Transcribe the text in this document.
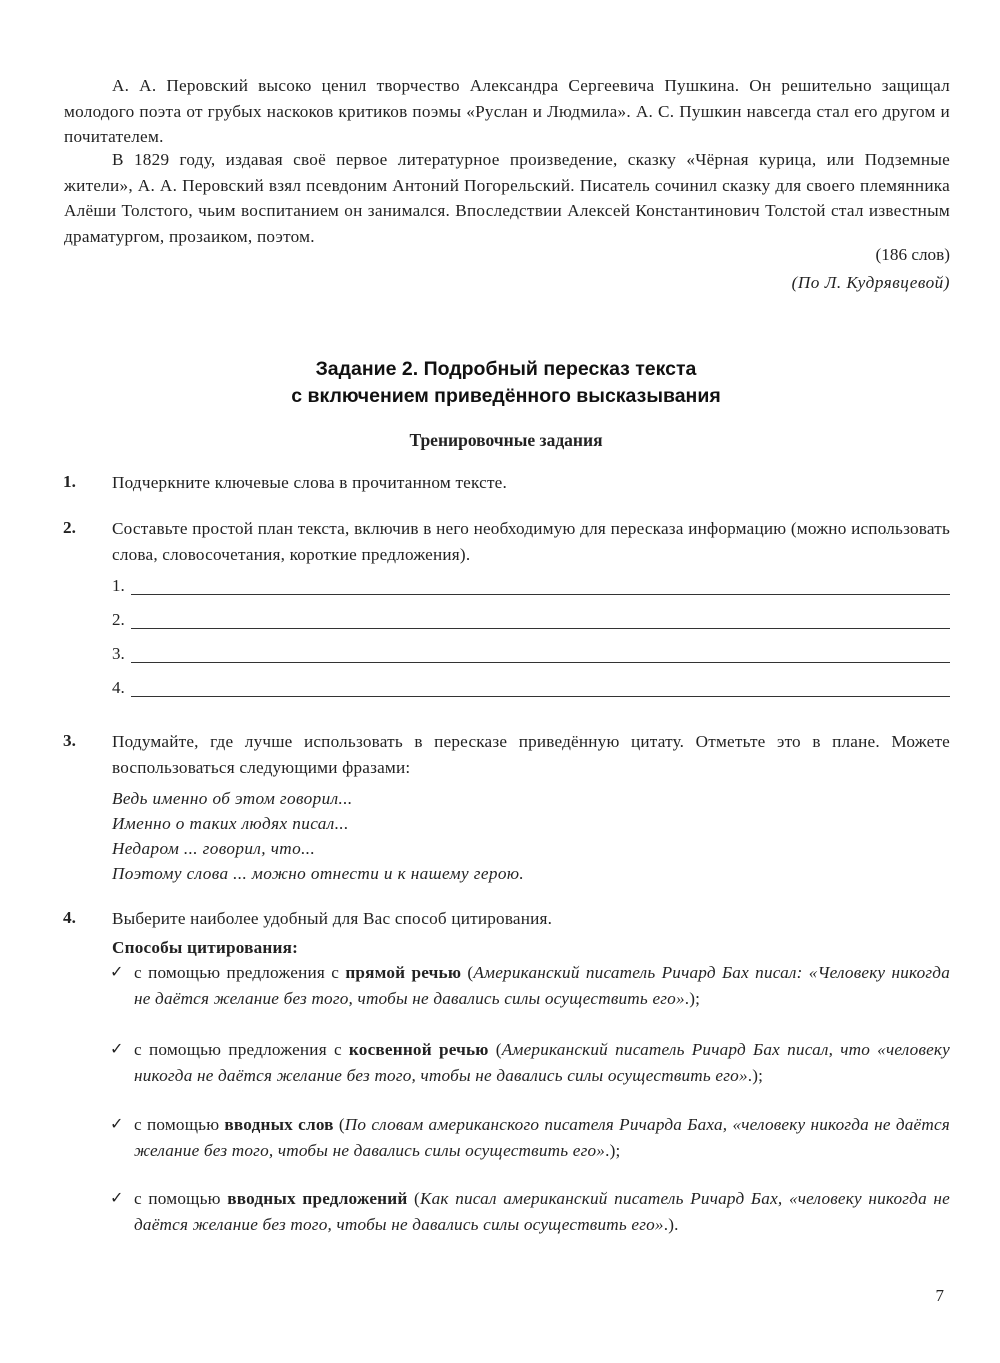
А. А. Перовский высоко ценил творчество Александра Сергеевича Пушкина. Он решительно защищал молодого поэта от грубых наскоков критиков поэмы «Руслан и Людмила». А. С. Пушкин навсегда стал его другом и почитателем.
В 1829 году, издавая своё первое литературное произведение, сказку «Чёрная курица, или Подземные жители», А. А. Перовский взял псевдоним Антоний Погорельский. Писатель сочинил сказку для своего племянника Алёши Толстого, чьим воспитанием он занимался. Впоследствии Алексей Константинович Толстой стал известным драматургом, прозаиком, поэтом.
(186 слов)
(По Л. Кудрявцевой)
Задание 2. Подробный пересказ текста
с включением приведённого высказывания
Тренировочные задания
1. Подчеркните ключевые слова в прочитанном тексте.
2. Составьте простой план текста, включив в него необходимую для пересказа информацию (можно использовать слова, словосочетания, короткие предложения).
1.
2.
3.
4.
3. Подумайте, где лучше использовать в пересказе приведённую цитату. Отметьте это в плане. Можете воспользоваться следующими фразами:
Ведь именно об этом говорил...
Именно о таких людях писал...
Недаром ... говорил, что...
Поэтому слова ... можно отнести и к нашему герою.
4. Выберите наиболее удобный для Вас способ цитирования.
Способы цитирования:
✓ с помощью предложения с прямой речью (Американский писатель Ричард Бах писал: «Человеку никогда не даётся желание без того, чтобы не давались силы осуществить его».);
✓ с помощью предложения с косвенной речью (Американский писатель Ричард Бах писал, что «человеку никогда не даётся желание без того, чтобы не давались силы осуществить его».);
✓ с помощью вводных слов (По словам американского писателя Ричарда Баха, «человеку никогда не даётся желание без того, чтобы не давались силы осуществить его».);
✓ с помощью вводных предложений (Как писал американский писатель Ричард Бах, «человеку никогда не даётся желание без того, чтобы не давались силы осуществить его».).
7
